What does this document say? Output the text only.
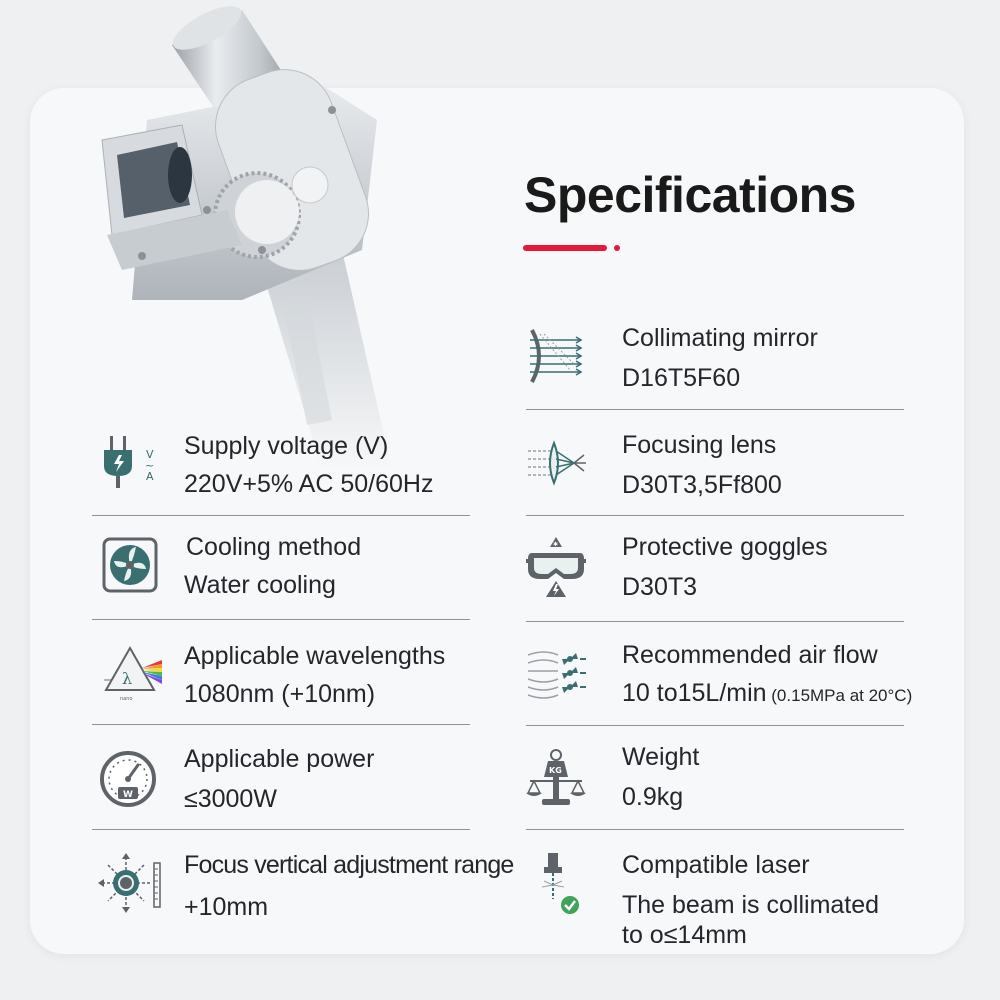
Specifications
V
~
A
Supply voltage (V)
220V+5% AC 50/60Hz
Cooling method
Water cooling
λ
nano
Applicable wavelengths
1080nm (+10nm)
W
Applicable power
≤3000W
Focus vertical adjustment range
+10mm
Collimating mirror
D16T5F60
Focusing lens
D30T3,5Ff800
✱	Protective goggles
D30T3
Recommended air flow
10 to15L/min (0.15MPa at 20°C)
KG Weight
0.9kg
Compatible laser
The beam is collimated
to o≤14mm
